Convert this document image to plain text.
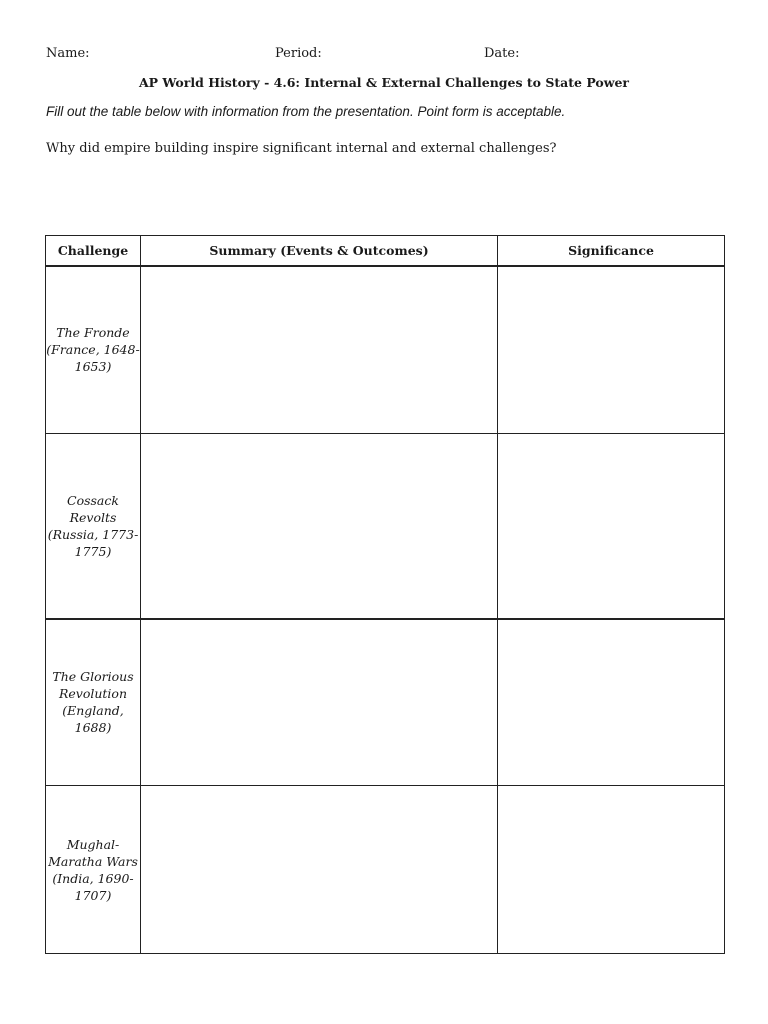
Name:	Period:	Date:
AP World History - 4.6: Internal & External Challenges to State Power
Fill out the table below with information from the presentation. Point form is acceptable.
Why did empire building inspire significant internal and external challenges?
Challenge	Summary (Events & Outcomes)	Significance
The Fronde (France, 1648-1653)		
Cossack Revolts (Russia, 1773-1775)		
The Glorious Revolution (England, 1688)		
Mughal-Maratha Wars (India, 1690-1707)		
